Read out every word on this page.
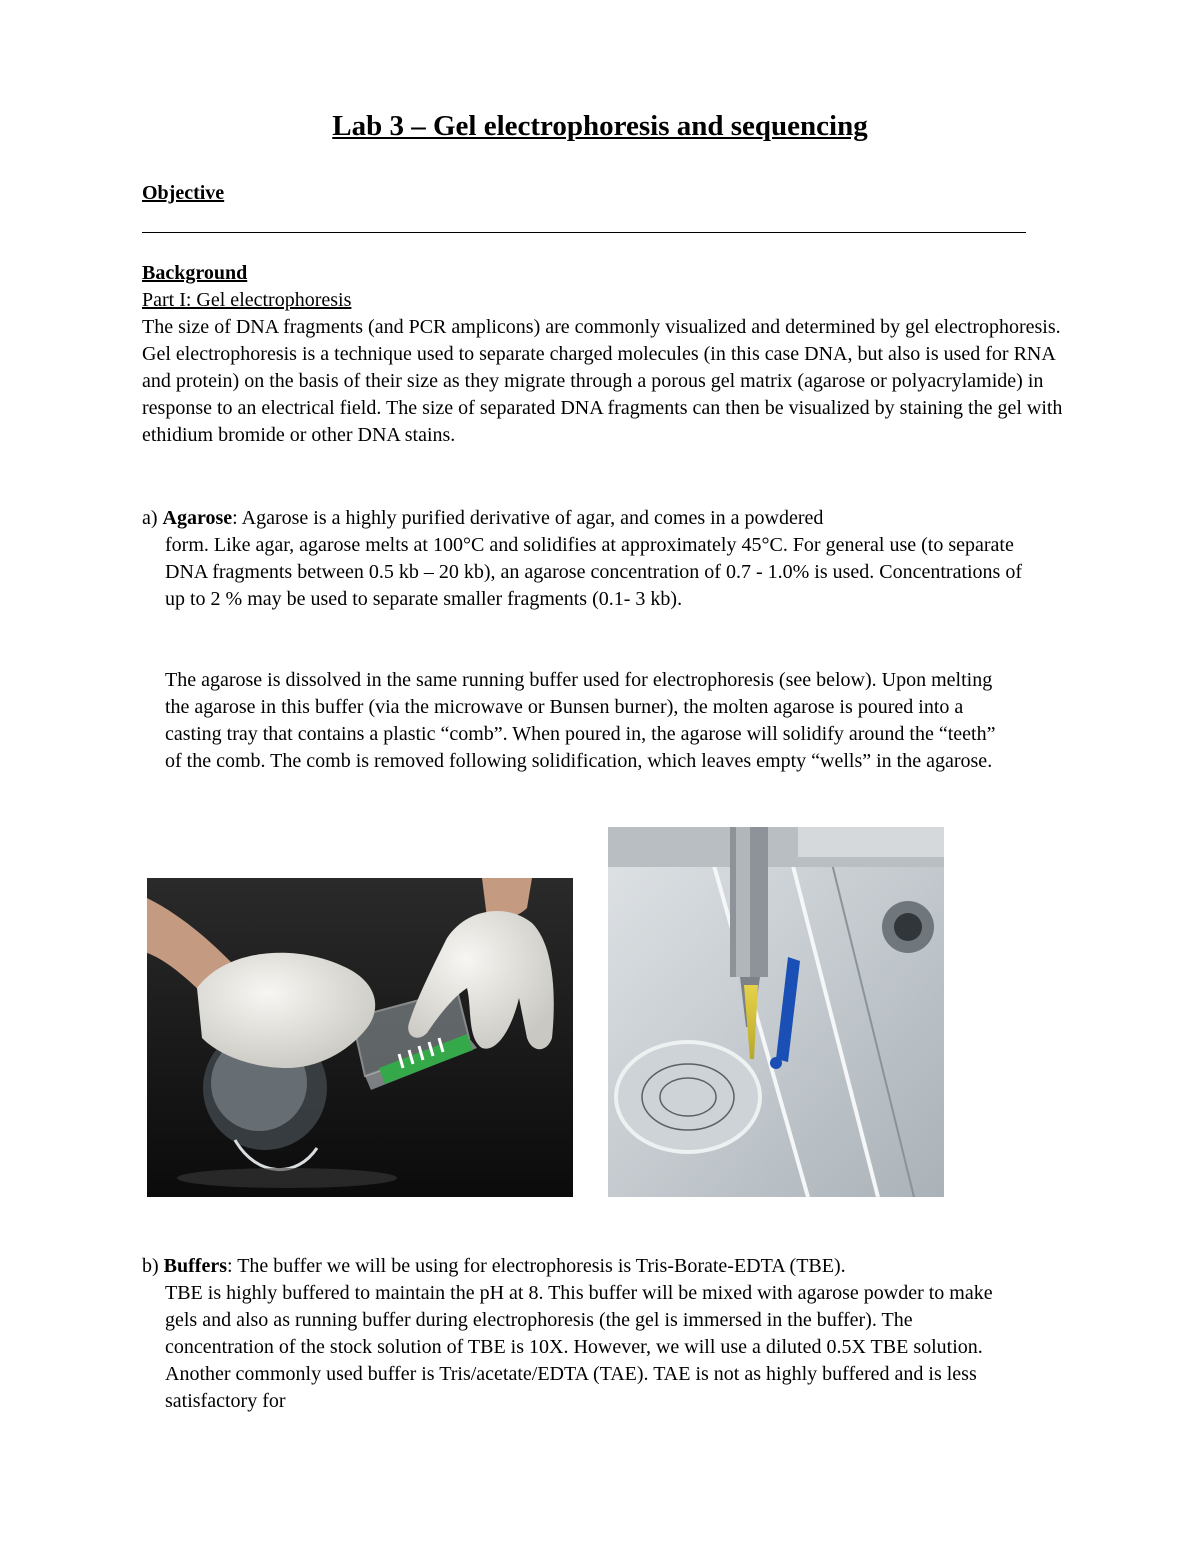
Lab 3 – Gel electrophoresis and sequencing
Objective
Background
Part I: Gel electrophoresis

The size of DNA fragments (and PCR amplicons) are commonly visualized and determined by gel electrophoresis. Gel electrophoresis is a technique used to separate charged molecules (in this case DNA, but also is used for RNA and protein) on the basis of their size as they migrate through a porous gel matrix (agarose or polyacrylamide) in response to an electrical field. The size of separated DNA fragments can then be visualized by staining the gel with ethidium bromide or other DNA stains.

a) Agarose: Agarose is a highly purified derivative of agar, and comes in a powdered

form. Like agar, agarose melts at 100°C and solidifies at approximately 45°C. For general use (to separate DNA fragments between 0.5 kb – 20 kb), an agarose concentration of 0.7 - 1.0% is used. Concentrations of up to 2 % may be used to separate smaller fragments (0.1- 3 kb).

The agarose is dissolved in the same running buffer used for electrophoresis (see below). Upon melting the agarose in this buffer (via the microwave or Bunsen burner), the molten agarose is poured into a casting tray that contains a plastic “comb”. When poured in, the agarose will solidify around the “teeth” of the comb. The comb is removed following solidification, which leaves empty “wells” in the agarose.

b) Buffers: The buffer we will be using for electrophoresis is Tris-Borate-EDTA (TBE).

TBE is highly buffered to maintain the pH at 8. This buffer will be mixed with agarose powder to make gels and also as running buffer during electrophoresis (the gel is immersed in the buffer). The concentration of the stock solution of TBE is 10X. However, we will use a diluted 0.5X TBE solution. Another commonly used buffer is Tris/acetate/EDTA (TAE). TAE is not as highly buffered and is less satisfactory for
